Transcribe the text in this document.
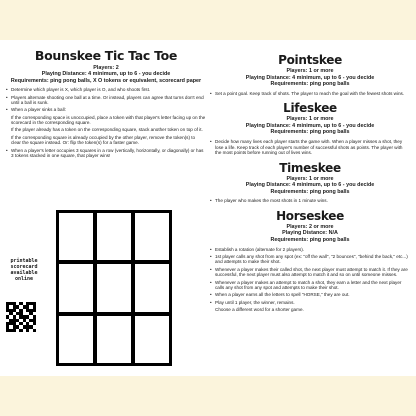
Bounskee Tic Tac Toe
Players: 2
Playing Distance: 4 minimum, up to 6 - you decide
Requirements: ping pong balls, X O tokens or equivalent, scorecard paper
• Determine which player is X, which player is O, and who shoots first.
• Players alternate shooting one ball at a time. Or instead, players can agree that turns don't end until a ball is sunk.
• When a player sinks a ball:
If the corresponding space is unoccupied, place a token with that player's letter facing up on the scorecard in the corresponding square.
If the player already has a token on the corresponding square, stack another token on top of it.
If the corresponding square is already occupied by the other player, remove the token(s) to clear the square instead. Or: flip the token(s) for a faster game.
• When a player's letter occupies 3 squares in a row (vertically, horizontally, or diagonally) or has 3 tokens stacked in one square, that player wins!
printable scorecard available online
Pointskee
Players: 1 or more
Playing Distance: 4 minimum, up to 6 - you decide
Requirements: ping pong balls
• Set a point goal. Keep track of shots. The player to reach the goal with the fewest shots wins.
Lifeskee
Players: 1 or more
Playing Distance: 4 minimum, up to 6 - you decide
Requirements: ping pong balls
• Decide how many lives each player starts the game with. When a player misses a shot, they lose a life. Keep track of each player's number of successful shots as points. The player with the most points before running out of lives wins.
Timeskee
Players: 1 or more
Playing Distance: 4 minimum, up to 6 - you decide
Requirements: ping pong balls
• The player who makes the most shots in 1 minute wins.
Horseskee
Players: 2 or more
Playing Distance: N/A
Requirements: ping pong balls
• Establish a rotation (alternate for 2 players).
• 1st player calls any shot from any spot (ex: "off the wall", "2 bounces", "behind the back," etc...) and attempts to make their shot.
• Whenever a player makes their called shot, the next player must attempt to match it. If they are successful, the next player must also attempt to match it and so on until someone misses.
• Whenever a player makes an attempt to match a shot, they earn a letter and the next player calls any shot from any spot and attempts to make their shot.
• When a player earns all the letters to spell "HORSE," they are out.
• Play until 1 player, the winner, remains.
Choose a different word for a shorter game.
